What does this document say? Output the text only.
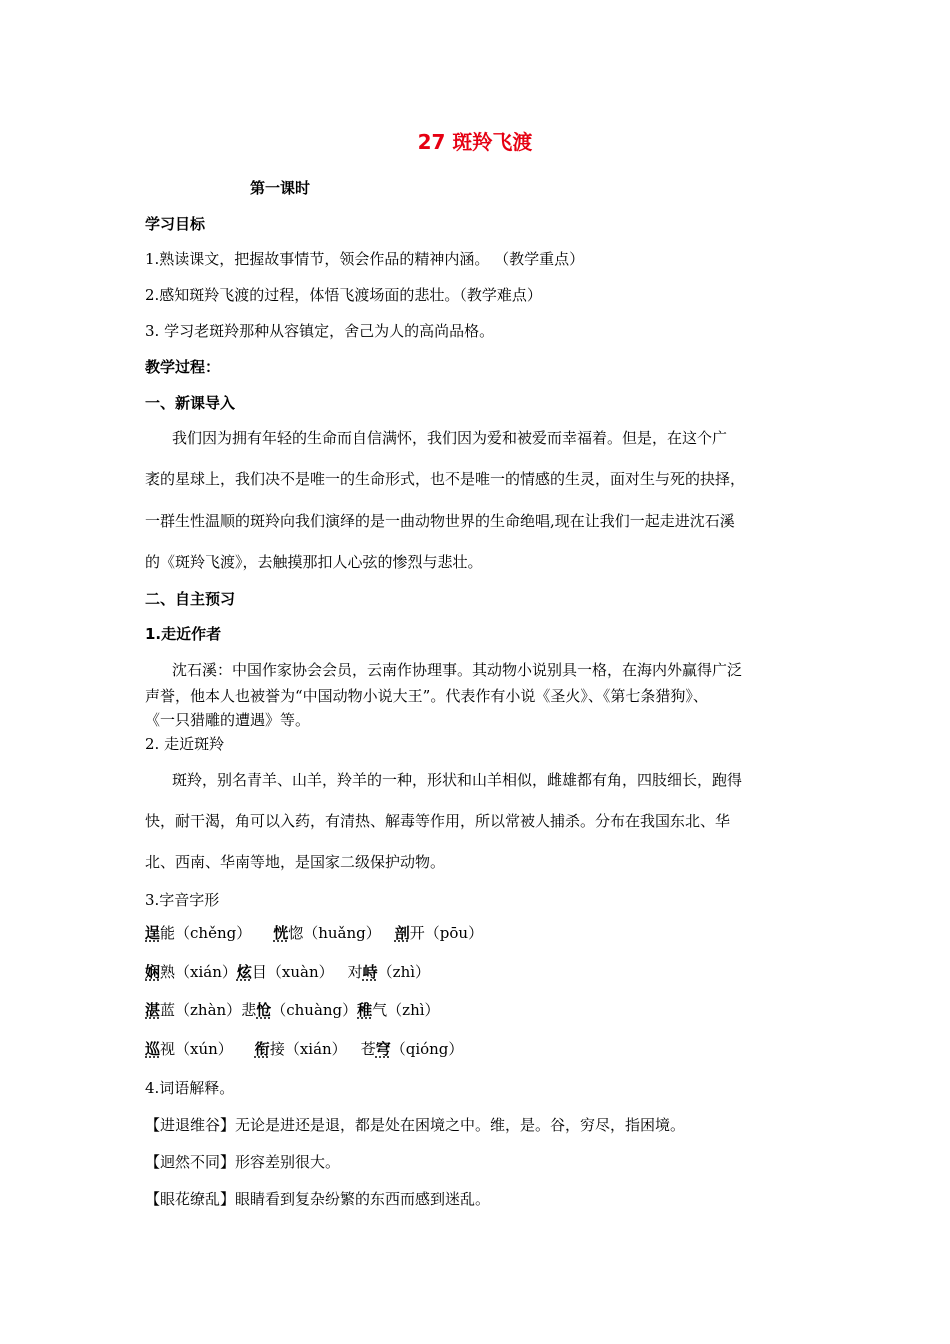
27 斑羚飞渡
第一课时
学习目标
1.熟读课文，把握故事情节，领会作品的精神内涵。 （教学重点）
2.感知斑羚飞渡的过程，体悟飞渡场面的悲壮。（教学难点）
3. 学习老斑羚那种从容镇定，舍己为人的高尚品格。
教学过程：
一、新课导入
我们因为拥有年轻的生命而自信满怀，我们因为爱和被爱而幸福着。但是，在这个广
袤的星球上，我们决不是唯一的生命形式，也不是唯一的情感的生灵，面对生与死的抉择，
一群生性温顺的斑羚向我们演绎的是一曲动物世界的生命绝唱,现在让我们一起走进沈石溪
的《斑羚飞渡》，去触摸那扣人心弦的惨烈与悲壮。
二、自主预习
1.走近作者
沈石溪：中国作家协会会员，云南作协理事。其动物小说别具一格，在海内外赢得广泛
声誉，他本人也被誉为“中国动物小说大王”。代表作有小说《圣火》、《第七条猎狗》、
《一只猎雕的遭遇》等。
2. 走近斑羚
斑羚，别名青羊、山羊，羚羊的一种，形状和山羊相似，雌雄都有角，四肢细长，跑得
快，耐干渴，角可以入药，有清热、解毒等作用，所以常被人捕杀。分布在我国东北、华
北、西南、华南等地，是国家二级保护动物。
3.字音字形
逞能（chěng） 恍惚（huǎng） 剖开（pōu）
娴熟（xián）炫目（xuàn） 对峙（zhì）
湛蓝（zhàn）悲怆（chuàng）稚气（zhì）
巡视（xún） 衔接（xián） 苍穹（qióng）
4.词语解释。
【进退维谷】无论是进还是退，都是处在困境之中。维，是。谷，穷尽，指困境。
【迥然不同】形容差别很大。
【眼花缭乱】眼睛看到复杂纷繁的东西而感到迷乱。
